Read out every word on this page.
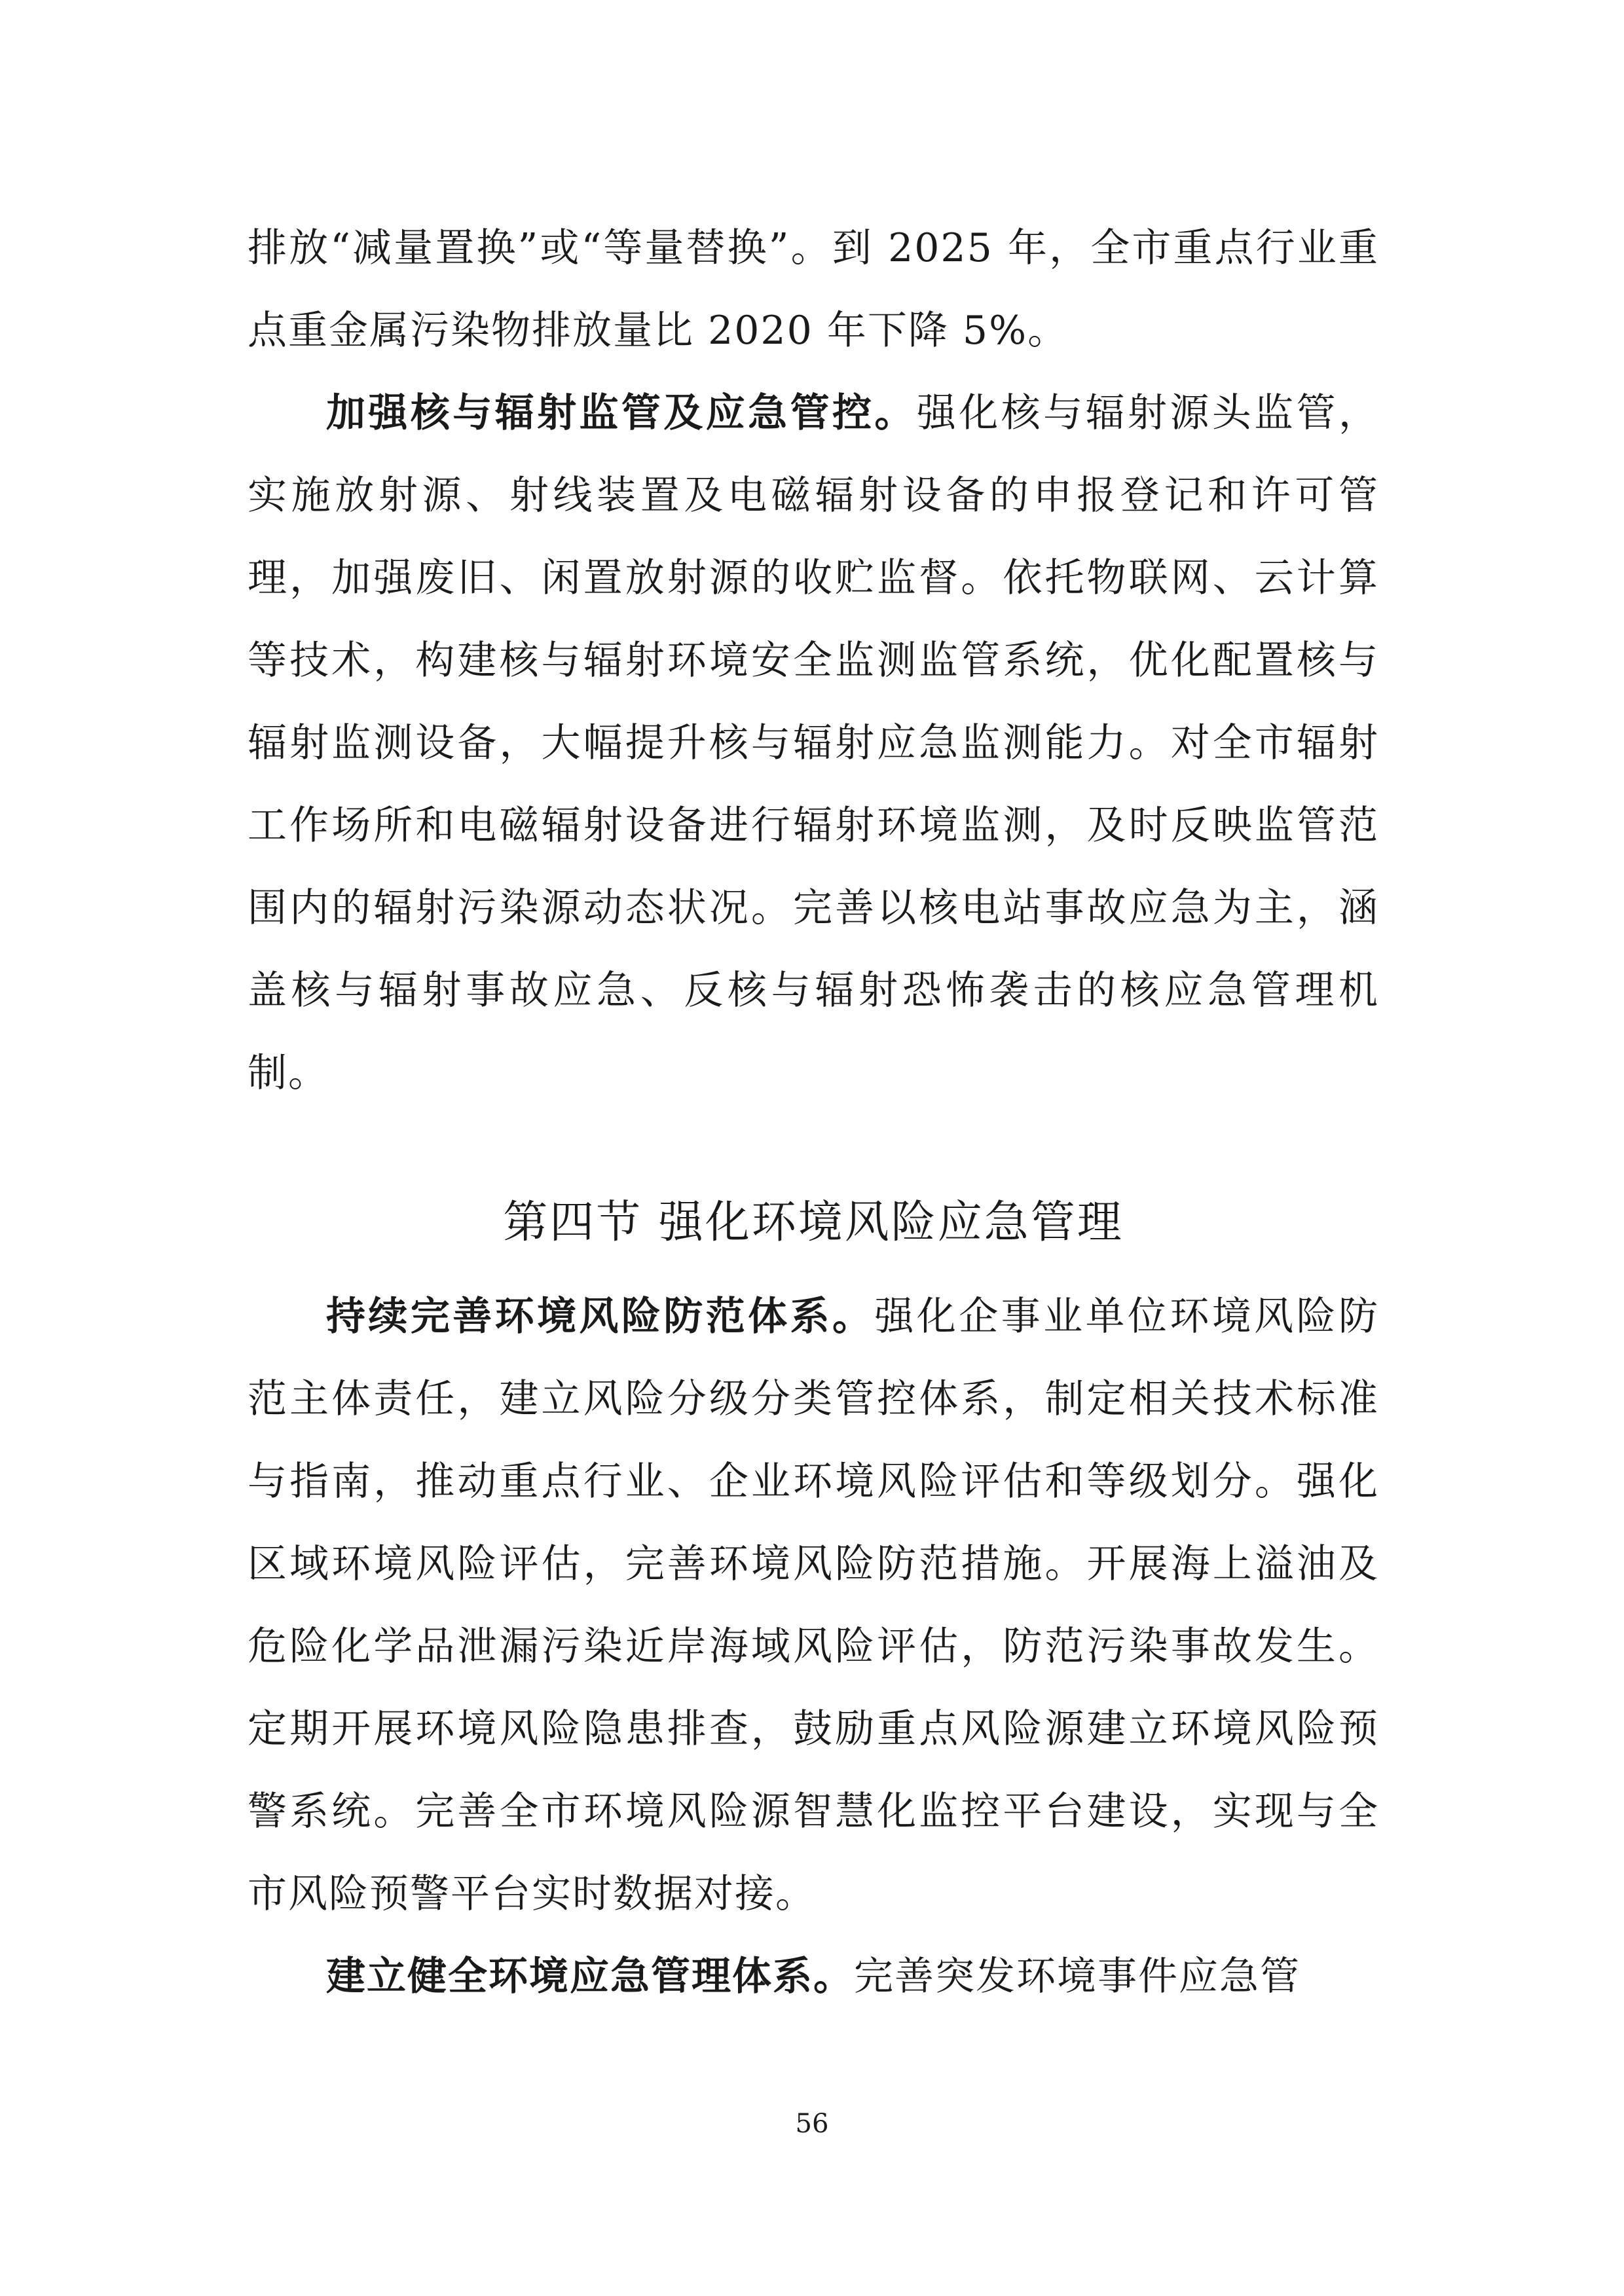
排放“减量置换”或“等量替换”。到 2025 年，全市重点行业重点重金属污染物排放量比 2020 年下降 5%。

加强核与辐射监管及应急管控。强化核与辐射源头监管，实施放射源、射线装置及电磁辐射设备的申报登记和许可管理，加强废旧、闲置放射源的收贮监督。依托物联网、云计算等技术，构建核与辐射环境安全监测监管系统，优化配置核与辐射监测设备，大幅提升核与辐射应急监测能力。对全市辐射工作场所和电磁辐射设备进行辐射环境监测，及时反映监管范围内的辐射污染源动态状况。完善以核电站事故应急为主，涵盖核与辐射事故应急、反核与辐射恐怖袭击的核应急管理机制。

第四节 强化环境风险应急管理

持续完善环境风险防范体系。强化企事业单位环境风险防范主体责任，建立风险分级分类管控体系，制定相关技术标准与指南，推动重点行业、企业环境风险评估和等级划分。强化区域环境风险评估，完善环境风险防范措施。开展海上溢油及危险化学品泄漏污染近岸海域风险评估，防范污染事故发生。定期开展环境风险隐患排查，鼓励重点风险源建立环境风险预警系统。完善全市环境风险源智慧化监控平台建设，实现与全市风险预警平台实时数据对接。

建立健全环境应急管理体系。完善突发环境事件应急管

56
